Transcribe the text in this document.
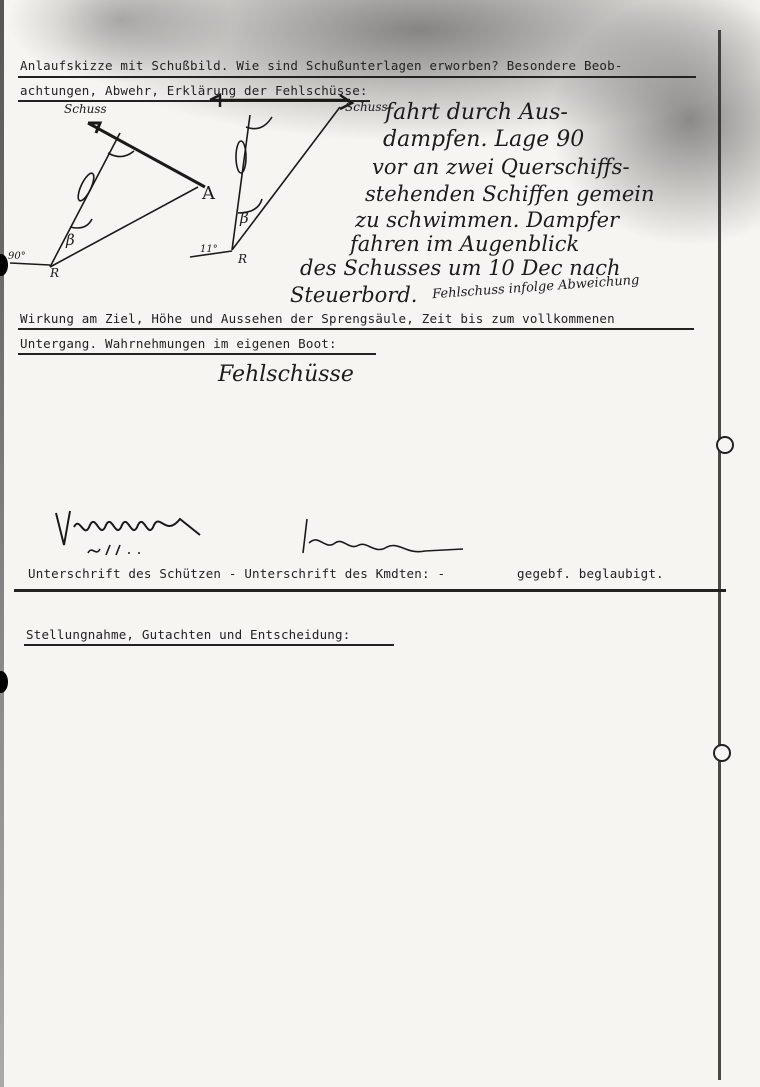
Anlaufskizze mit Schußbild. Wie sind Schußunterlagen erworben? Besondere Beob-
achtungen, Abwehr, Erklärung der Fehlschüsse:
Schuss	Schuss
A
β
β
R
R
90°
11°
fahrt durch Aus-
dampfen. Lage 90
vor an zwei Querschiffs-
stehenden Schiffen gemein
zu schwimmen. Dampfer
fahren im Augenblick
des Schusses um 10 Dec nach
Steuerbord. Fehlschuss infolge Abweichung
Wirkung am Ziel, Höhe und Aussehen der Sprengsäule, Zeit bis zum vollkommenen
Untergang. Wahrnehmungen im eigenen Boot:
Fehlschüsse
Unterschrift des Schützen - Unterschrift des Kmdten: -	gegebf. beglaubigt.
Stellungnahme, Gutachten und Entscheidung:
